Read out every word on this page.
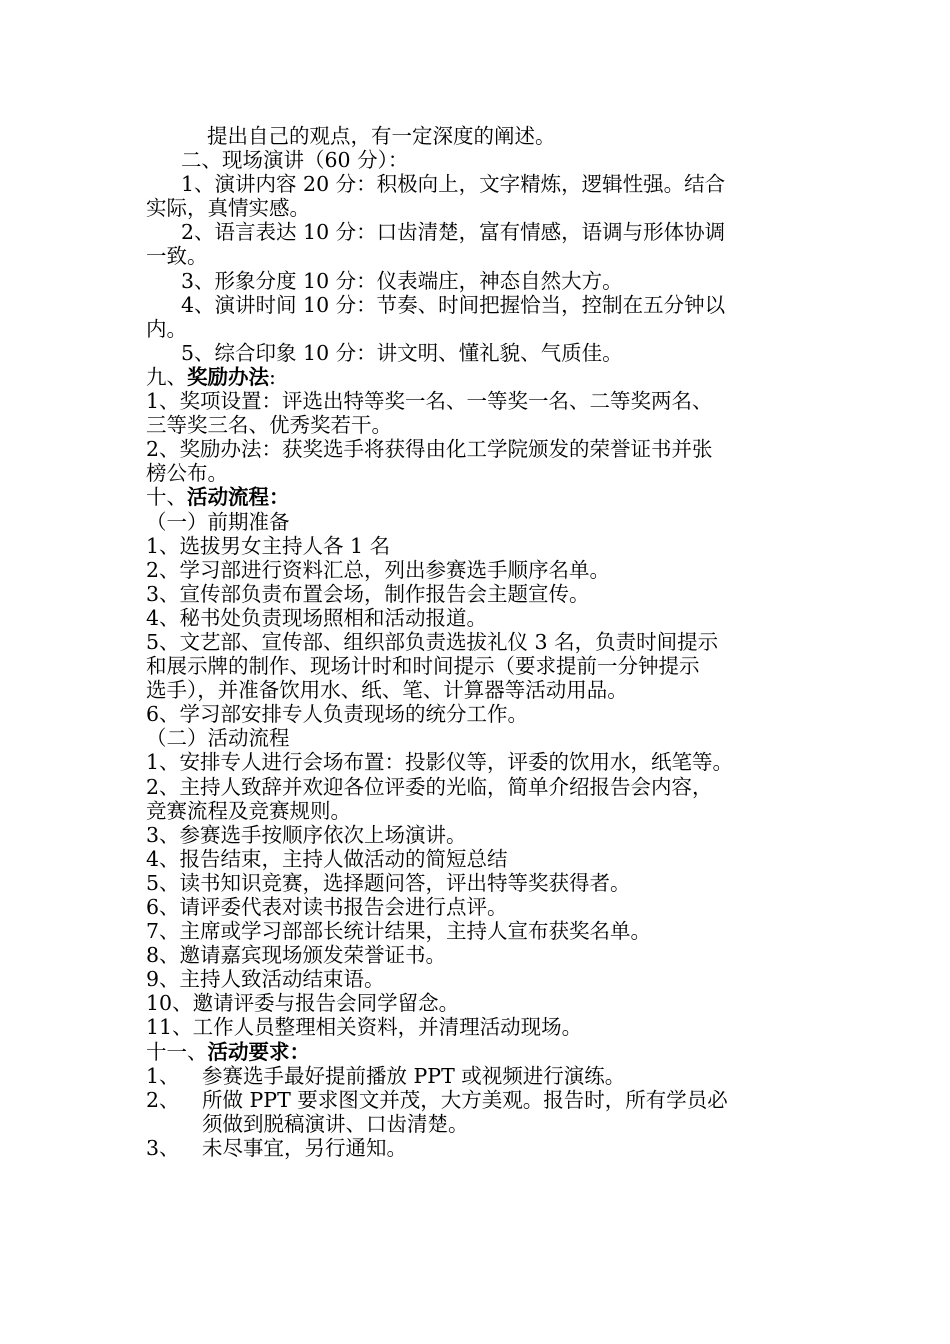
提出自己的观点，有一定深度的阐述。

二、现场演讲（60 分）：

1、演讲内容 20 分：积极向上，文字精炼，逻辑性强。结合

实际，真情实感。

2、语言表达 10 分：口齿清楚，富有情感，语调与形体协调

一致。

3、形象分度 10 分：仪表端庄，神态自然大方。

4、演讲时间 10 分：节奏、时间把握恰当，控制在五分钟以

内。

5、综合印象 10 分：讲文明、懂礼貌、气质佳。

九、奖励办法:

1、奖项设置：评选出特等奖一名、一等奖一名、二等奖两名、

三等奖三名、优秀奖若干。

2、奖励办法：获奖选手将获得由化工学院颁发的荣誉证书并张

榜公布。

十、活动流程：

（一）前期准备

1、选拔男女主持人各 1 名

2、学习部进行资料汇总，列出参赛选手顺序名单。

3、宣传部负责布置会场，制作报告会主题宣传。

4、秘书处负责现场照相和活动报道。

5、文艺部、宣传部、组织部负责选拔礼仪 3 名，负责时间提示

和展示牌的制作、现场计时和时间提示（要求提前一分钟提示

选手），并准备饮用水、纸、笔、计算器等活动用品。

6、学习部安排专人负责现场的统分工作。

（二）活动流程

1、安排专人进行会场布置：投影仪等，评委的饮用水，纸笔等。

2、主持人致辞并欢迎各位评委的光临，简单介绍报告会内容，

竞赛流程及竞赛规则。

3、参赛选手按顺序依次上场演讲。

4、报告结束，主持人做活动的简短总结

5、读书知识竞赛，选择题问答，评出特等奖获得者。

6、请评委代表对读书报告会进行点评。

7、主席或学习部部长统计结果，主持人宣布获奖名单。

8、邀请嘉宾现场颁发荣誉证书。

9、主持人致活动结束语。

10、邀请评委与报告会同学留念。

11、工作人员整理相关资料，并清理活动现场。

十一、活动要求：

1、	参赛选手最好提前播放 PPT 或视频进行演练。
2、	所做 PPT 要求图文并茂，大方美观。报告时，所有学员必
须做到脱稿演讲、口齿清楚。
3、	未尽事宜，另行通知。
